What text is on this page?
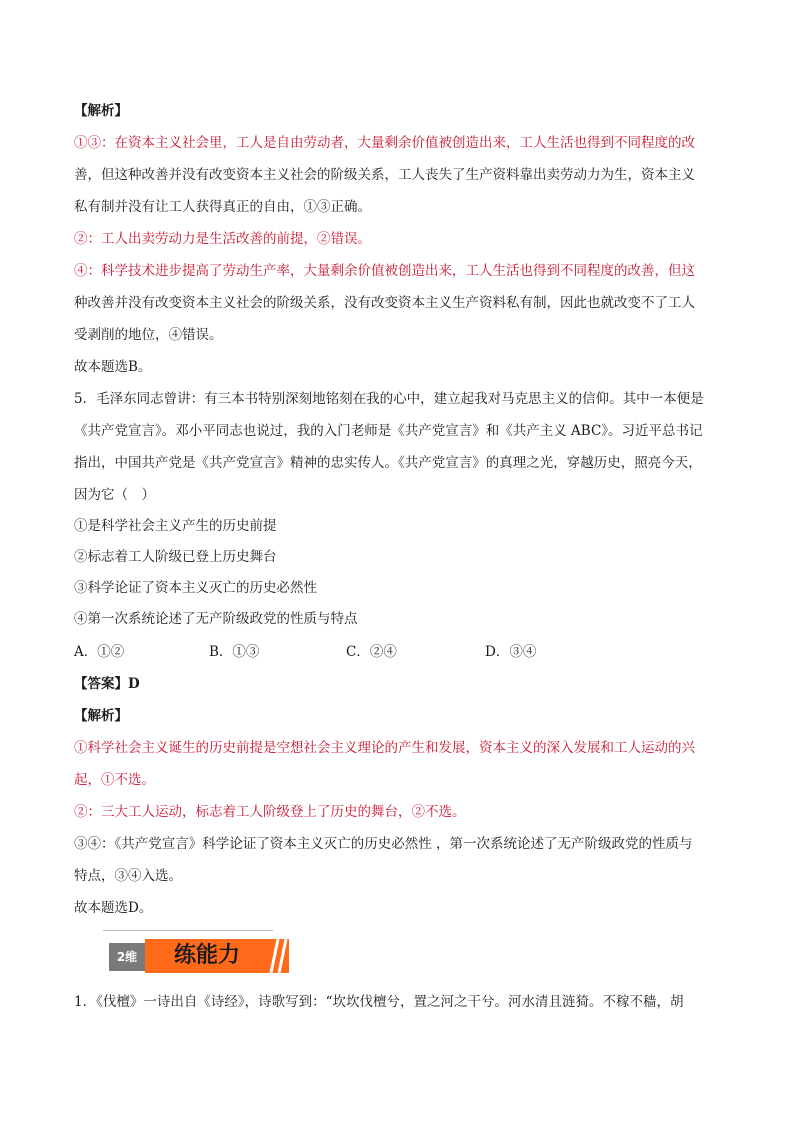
【解析】
①③：在资本主义社会里，工人是自由劳动者，大量剩余价值被创造出来，工人生活也得到不同程度的改
善，但这种改善并没有改变资本主义社会的阶级关系，工人丧失了生产资料靠出卖劳动力为生，资本主义
私有制并没有让工人获得真正的自由，①③正确。
②：工人出卖劳动力是生活改善的前提，②错误。
④：科学技术进步提高了劳动生产率，大量剩余价值被创造出来，工人生活也得到不同程度的改善，但这
种改善并没有改变资本主义社会的阶级关系，没有改变资本主义生产资料私有制，因此也就改变不了工人
受剥削的地位，④错误。
故本题选B。
5．毛泽东同志曾讲：有三本书特别深刻地铭刻在我的心中，建立起我对马克思主义的信仰。其中一本便是
《共产党宣言》。邓小平同志也说过，我的入门老师是《共产党宣言》和《共产主义 ABC》。习近平总书记
指出，中国共产党是《共产党宣言》精神的忠实传人。《共产党宣言》的真理之光，穿越历史，照亮今天，
因为它（　）
①是科学社会主义产生的历史前提
②标志着工人阶级已登上历史舞台
③科学论证了资本主义灭亡的历史必然性
④第一次系统论述了无产阶级政党的性质与特点
A．①②	B．①③	C．②④	D．③④
【答案】D
【解析】
①科学社会主义诞生的历史前提是空想社会主义理论的产生和发展，资本主义的深入发展和工人运动的兴
起，①不选。
②：三大工人运动，标志着工人阶级登上了历史的舞台，②不选。
③④：《共产党宣言》科学论证了资本主义灭亡的历史必然性 ，第一次系统论述了无产阶级政党的性质与
特点，③④入选。
故本题选D。
2维	练能力
1．《伐檀》一诗出自《诗经》，诗歌写到：“坎坎伐檀兮，置之河之干兮。河水清且涟猗。不稼不穑，胡
